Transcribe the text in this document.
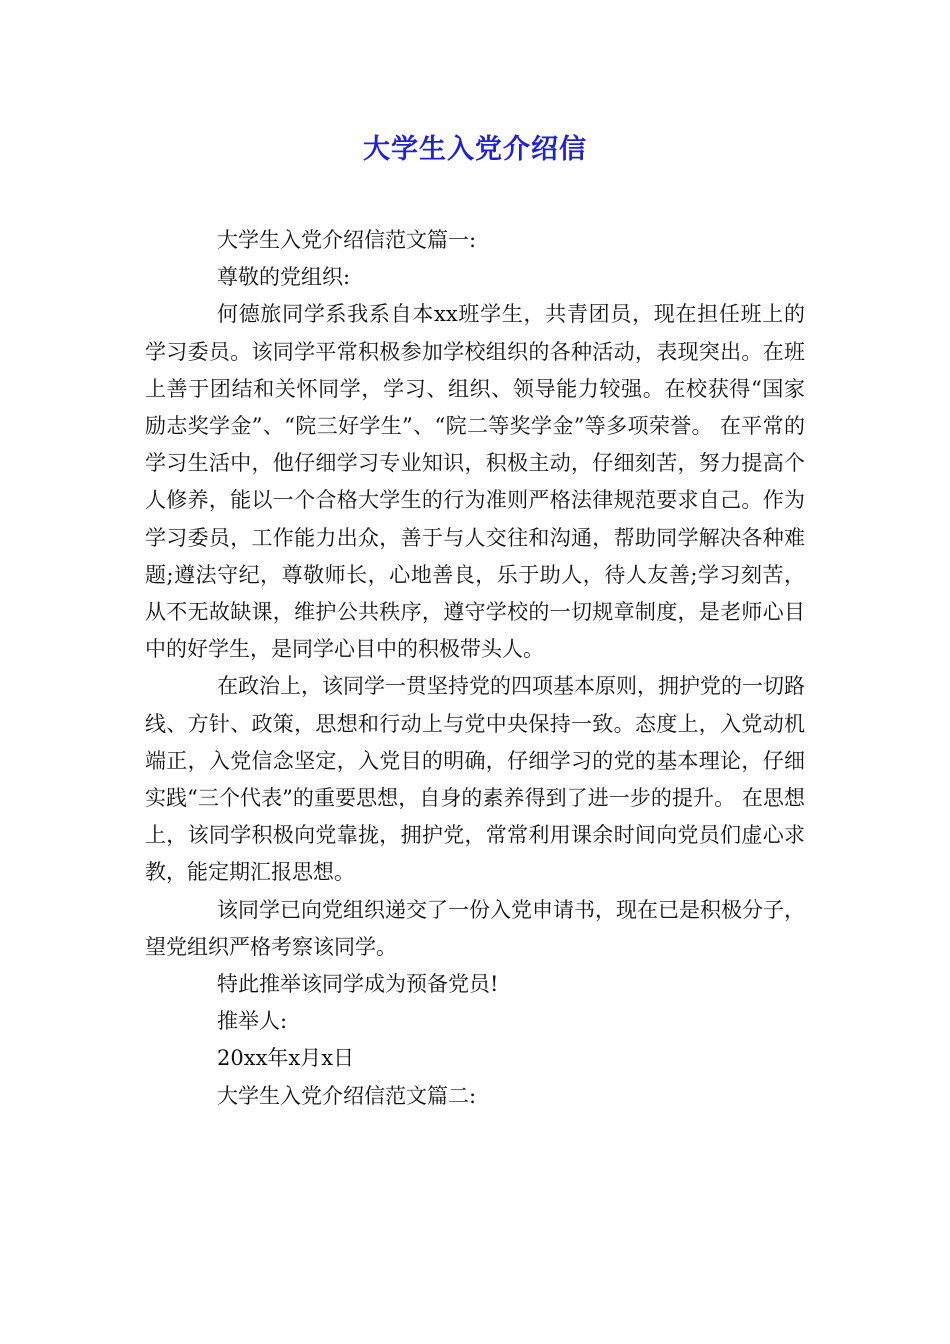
大学生入党介绍信

大学生入党介绍信范文篇一:

尊敬的党组织:

何德旅同学系我系自本xx班学生，共青团员，现在担任班上的学习委员。该同学平常积极参加学校组织的各种活动，表现突出。在班上善于团结和关怀同学，学习、组织、领导能力较强。在校获得“国家励志奖学金”、“院三好学生”、“院二等奖学金”等多项荣誉。 在平常的学习生活中，他仔细学习专业知识，积极主动，仔细刻苦，努力提高个人修养，能以一个合格大学生的行为准则严格法律规范要求自己。作为学习委员，工作能力出众，善于与人交往和沟通，帮助同学解决各种难题;遵法守纪，尊敬师长，心地善良，乐于助人，待人友善;学习刻苦，从不无故缺课，维护公共秩序，遵守学校的一切规章制度，是老师心目中的好学生，是同学心目中的积极带头人。

在政治上，该同学一贯坚持党的四项基本原则，拥护党的一切路线、方针、政策，思想和行动上与党中央保持一致。态度上，入党动机端正，入党信念坚定，入党目的明确，仔细学习的党的基本理论，仔细实践“三个代表”的重要思想，自身的素养得到了进一步的提升。 在思想上，该同学积极向党靠拢，拥护党，常常利用课余时间向党员们虚心求教，能定期汇报思想。

该同学已向党组织递交了一份入党申请书，现在已是积极分子，望党组织严格考察该同学。

特此推举该同学成为预备党员!

推举人:

20xx年x月x日

大学生入党介绍信范文篇二:
